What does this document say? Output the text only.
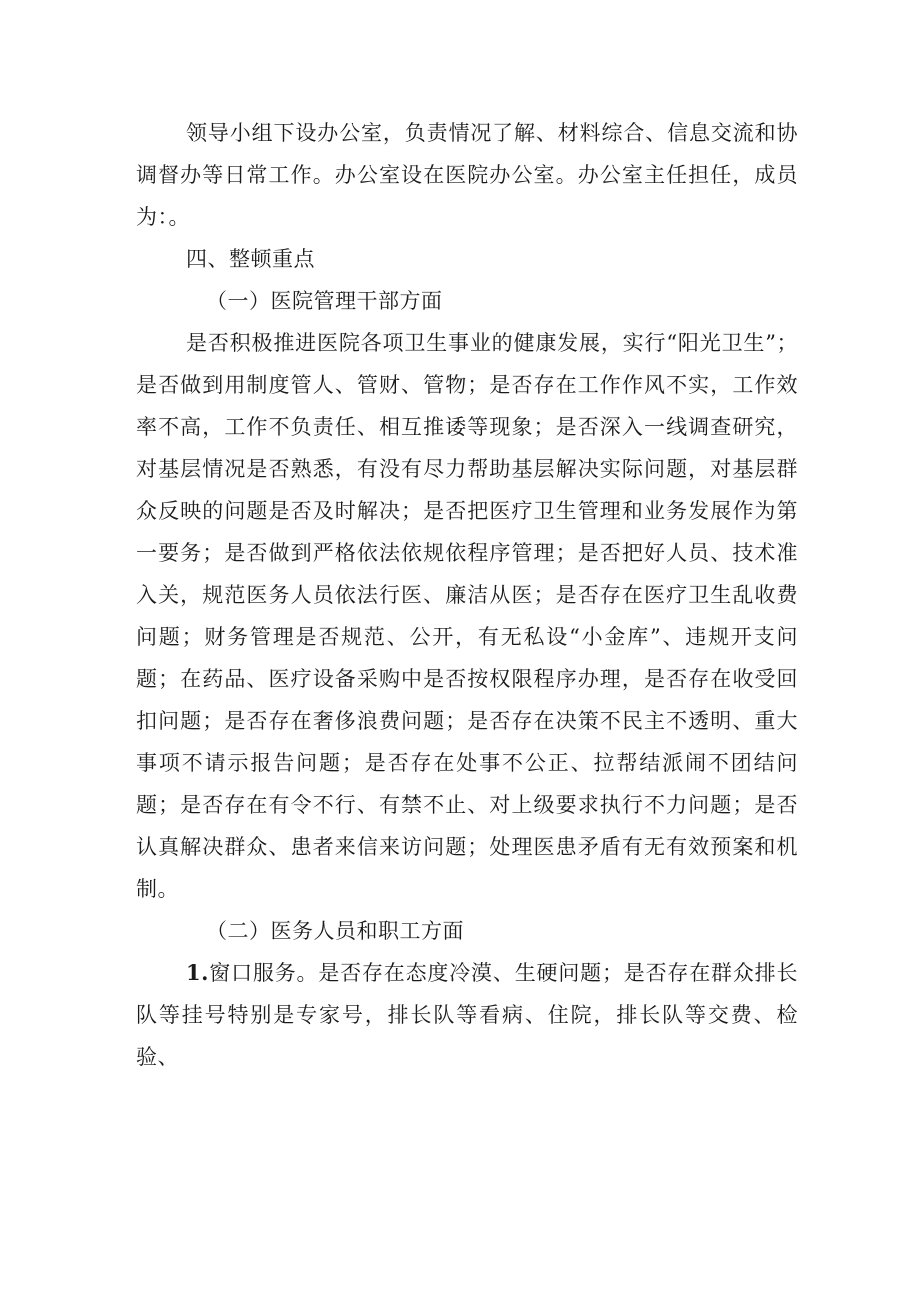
领导小组下设办公室，负责情况了解、材料综合、信息交流和协调督办等日常工作。办公室设在医院办公室。办公室主任担任，成员为：。

四、整顿重点

（一）医院管理干部方面

是否积极推进医院各项卫生事业的健康发展，实行“阳光卫生”；是否做到用制度管人、管财、管物；是否存在工作作风不实，工作效率不高，工作不负责任、相互推诿等现象；是否深入一线调查研究，对基层情况是否熟悉，有没有尽力帮助基层解决实际问题，对基层群众反映的问题是否及时解决；是否把医疗卫生管理和业务发展作为第一要务；是否做到严格依法依规依程序管理；是否把好人员、技术准入关，规范医务人员依法行医、廉洁从医；是否存在医疗卫生乱收费问题；财务管理是否规范、公开，有无私设“小金库”、违规开支问题；在药品、医疗设备采购中是否按权限程序办理，是否存在收受回扣问题；是否存在奢侈浪费问题；是否存在决策不民主不透明、重大事项不请示报告问题；是否存在处事不公正、拉帮结派闹不团结问题；是否存在有令不行、有禁不止、对上级要求执行不力问题；是否认真解决群众、患者来信来访问题；处理医患矛盾有无有效预案和机制。

（二）医务人员和职工方面

1.窗口服务。是否存在态度冷漠、生硬问题；是否存在群众排长队等挂号特别是专家号，排长队等看病、住院，排长队等交费、检验、
